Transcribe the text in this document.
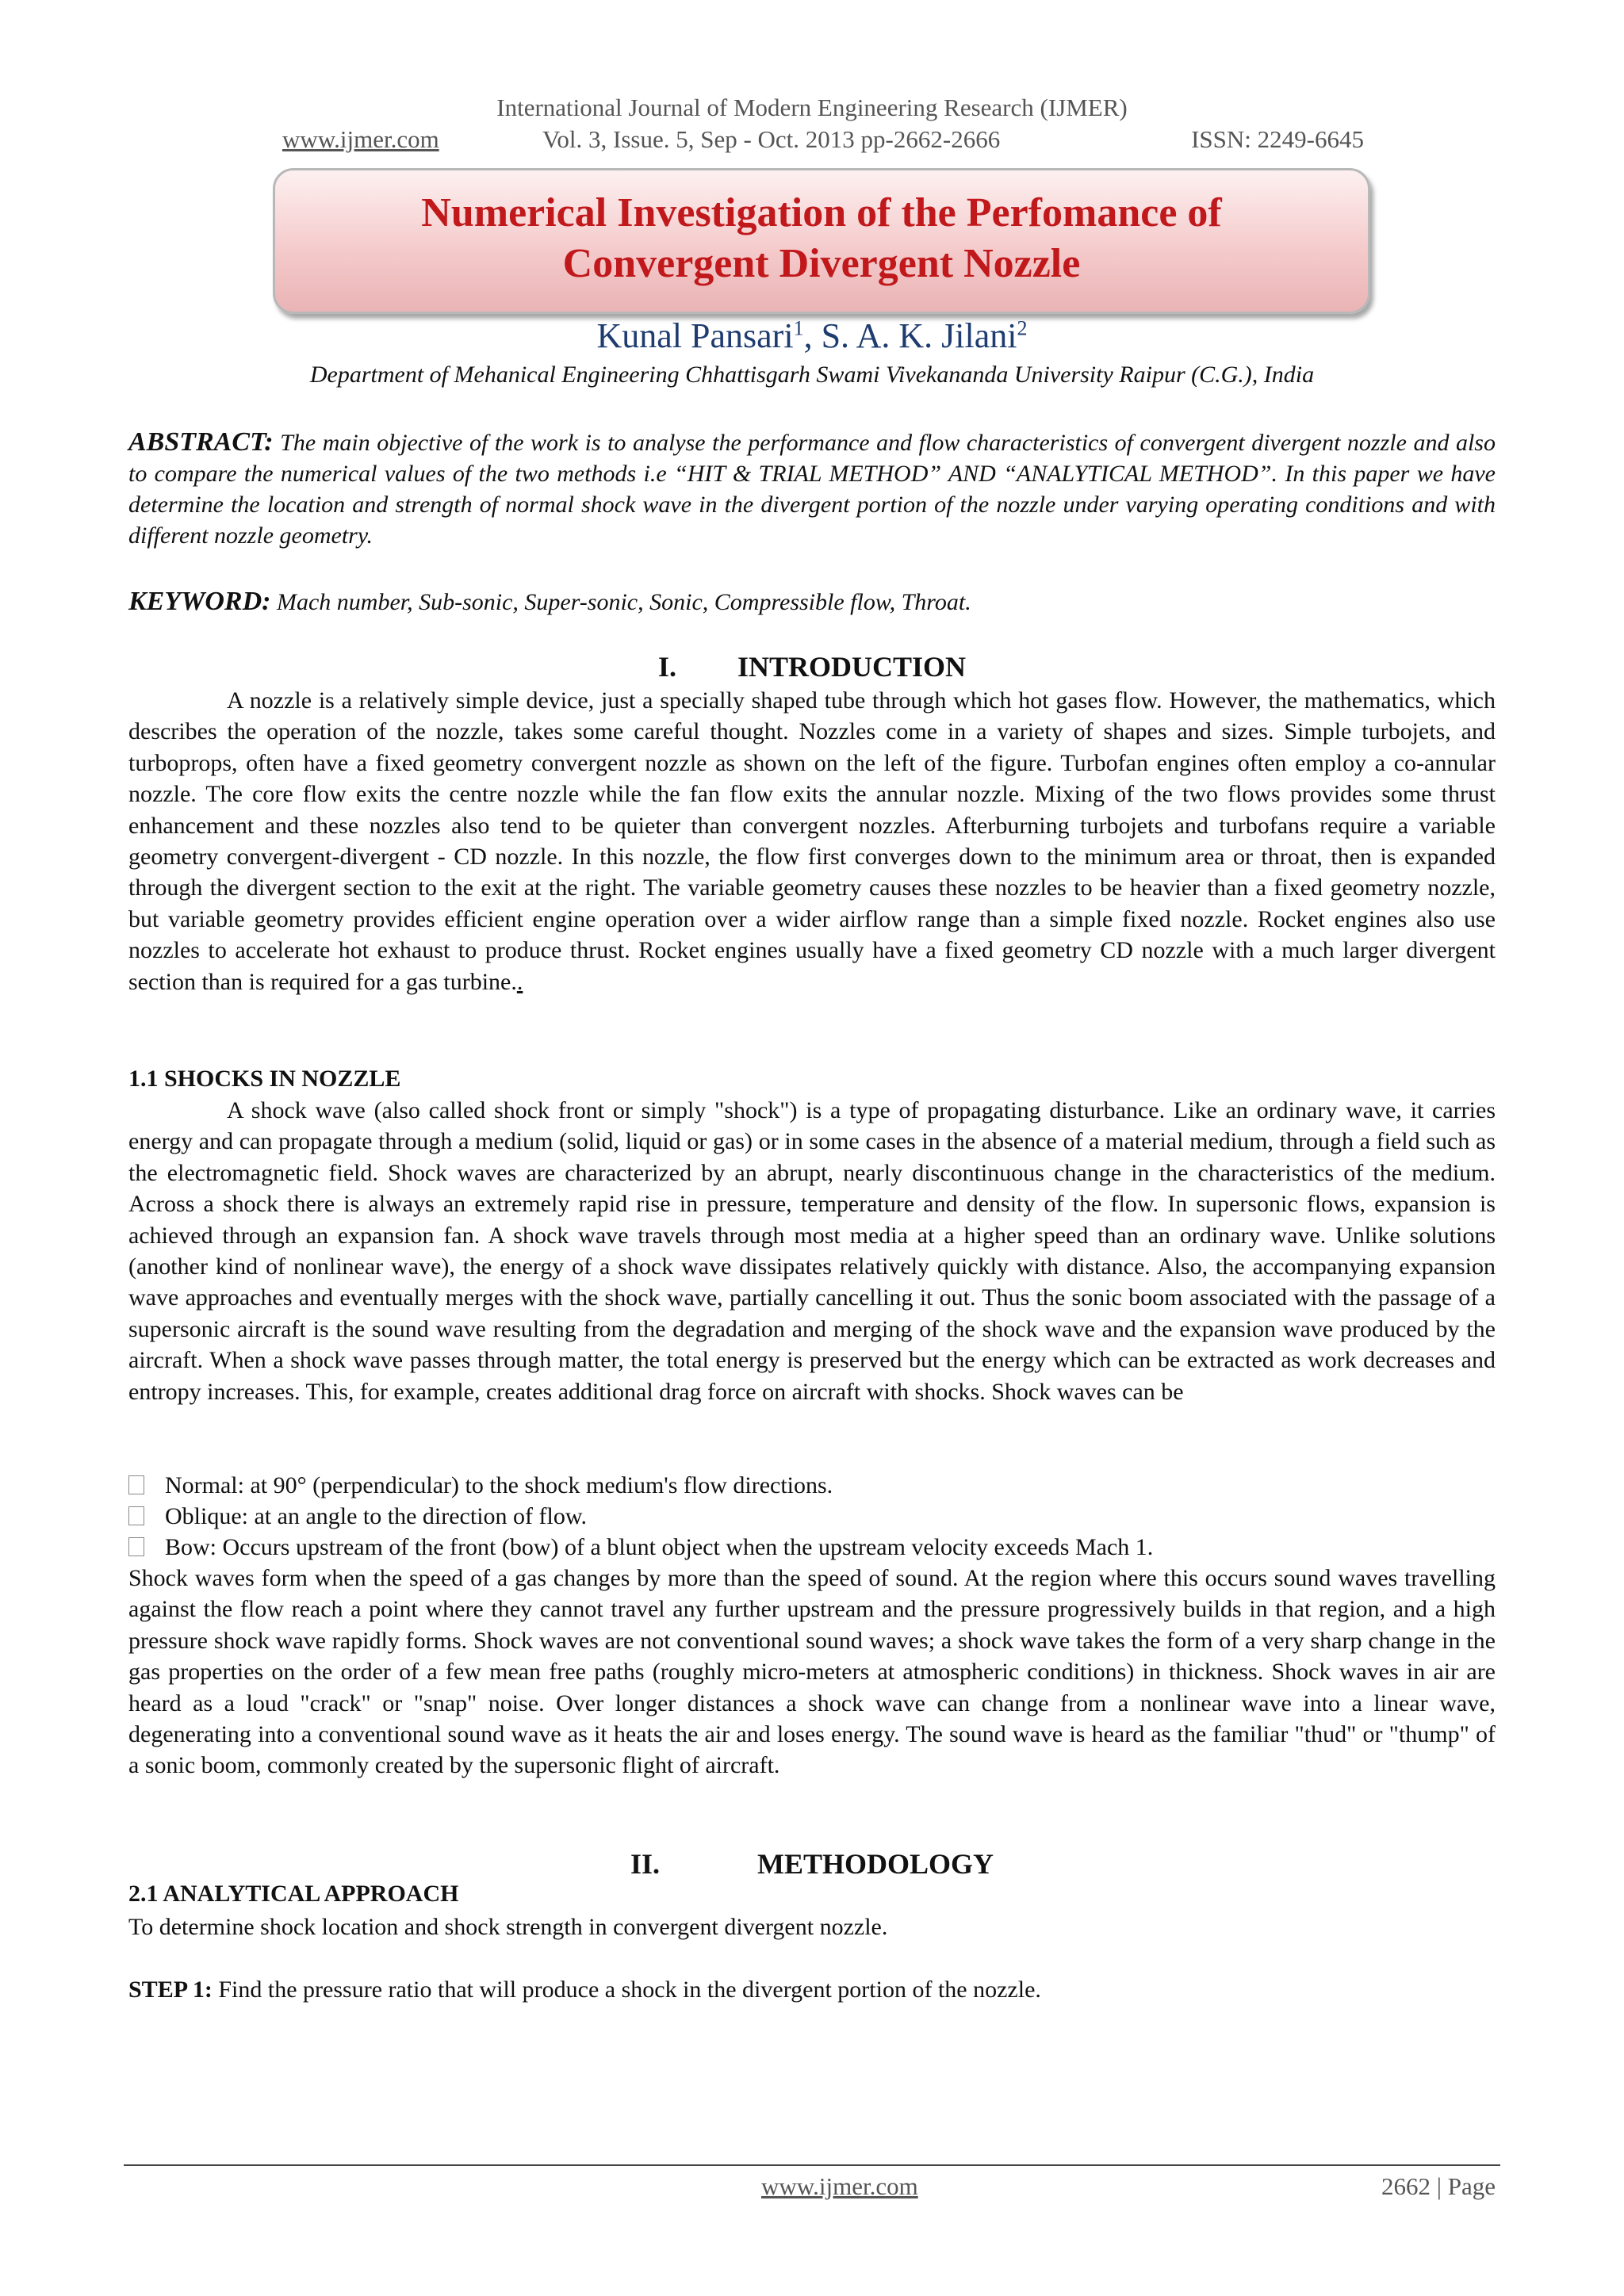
International Journal of Modern Engineering Research (IJMER)
www.ijmer.com	Vol. 3, Issue. 5, Sep - Oct. 2013 pp-2662-2666	ISSN: 2249-6645
Numerical Investigation of the Perfomance of
Convergent Divergent Nozzle
Kunal Pansari$^1$, S. A. K. Jilani$^2$
Department of Mehanical Engineering Chhattisgarh Swami Vivekananda University Raipur (C.G.), India
ABSTRACT: The main objective of the work is to analyse the performance and flow characteristics of convergent divergent nozzle and also to compare the numerical values of the two methods i.e “HIT & TRIAL METHOD” AND “ANALYTICAL METHOD”. In this paper we have determine the location and strength of normal shock wave in the divergent portion of the nozzle under varying operating conditions and with different nozzle geometry.
KEYWORD: Mach number, Sub-sonic, Super-sonic, Sonic, Compressible flow, Throat.
I. INTRODUCTION
A nozzle is a relatively simple device, just a specially shaped tube through which hot gases flow. However, the mathematics, which describes the operation of the nozzle, takes some careful thought. Nozzles come in a variety of shapes and sizes. Simple turbojets, and turboprops, often have a fixed geometry convergent nozzle as shown on the left of the figure. Turbofan engines often employ a co-annular nozzle. The core flow exits the centre nozzle while the fan flow exits the annular nozzle. Mixing of the two flows provides some thrust enhancement and these nozzles also tend to be quieter than convergent nozzles. Afterburning turbojets and turbofans require a variable geometry convergent-divergent - CD nozzle. In this nozzle, the flow first converges down to the minimum area or throat, then is expanded through the divergent section to the exit at the right. The variable geometry causes these nozzles to be heavier than a fixed geometry nozzle, but variable geometry provides efficient engine operation over a wider airflow range than a simple fixed nozzle. Rocket engines also use nozzles to accelerate hot exhaust to produce thrust. Rocket engines usually have a fixed geometry CD nozzle with a much larger divergent section than is required for a gas turbine..
1.1 SHOCKS IN NOZZLE
A shock wave (also called shock front or simply "shock") is a type of propagating disturbance. Like an ordinary wave, it carries energy and can propagate through a medium (solid, liquid or gas) or in some cases in the absence of a material medium, through a field such as the electromagnetic field. Shock waves are characterized by an abrupt, nearly discontinuous change in the characteristics of the medium. Across a shock there is always an extremely rapid rise in pressure, temperature and density of the flow. In supersonic flows, expansion is achieved through an expansion fan. A shock wave travels through most media at a higher speed than an ordinary wave. Unlike solutions (another kind of nonlinear wave), the energy of a shock wave dissipates relatively quickly with distance. Also, the accompanying expansion wave approaches and eventually merges with the shock wave, partially cancelling it out. Thus the sonic boom associated with the passage of a supersonic aircraft is the sound wave resulting from the degradation and merging of the shock wave and the expansion wave produced by the aircraft. When a shock wave passes through matter, the total energy is preserved but the energy which can be extracted as work decreases and entropy increases. This, for example, creates additional drag force on aircraft with shocks. Shock waves can be
Normal: at 90° (perpendicular) to the shock medium's flow directions.
Oblique: at an angle to the direction of flow.
Bow: Occurs upstream of the front (bow) of a blunt object when the upstream velocity exceeds Mach 1.
Shock waves form when the speed of a gas changes by more than the speed of sound. At the region where this occurs sound waves travelling against the flow reach a point where they cannot travel any further upstream and the pressure progressively builds in that region, and a high pressure shock wave rapidly forms. Shock waves are not conventional sound waves; a shock wave takes the form of a very sharp change in the gas properties on the order of a few mean free paths (roughly micro-meters at atmospheric conditions) in thickness. Shock waves in air are heard as a loud "crack" or "snap" noise. Over longer distances a shock wave can change from a nonlinear wave into a linear wave, degenerating into a conventional sound wave as it heats the air and loses energy. The sound wave is heard as the familiar "thud" or "thump" of a sonic boom, commonly created by the supersonic flight of aircraft.
II.	METHODOLOGY
2.1 ANALYTICAL APPROACH
To determine shock location and shock strength in convergent divergent nozzle.
STEP 1: Find the pressure ratio that will produce a shock in the divergent portion of the nozzle.
www.ijmer.com	2662 | Page
